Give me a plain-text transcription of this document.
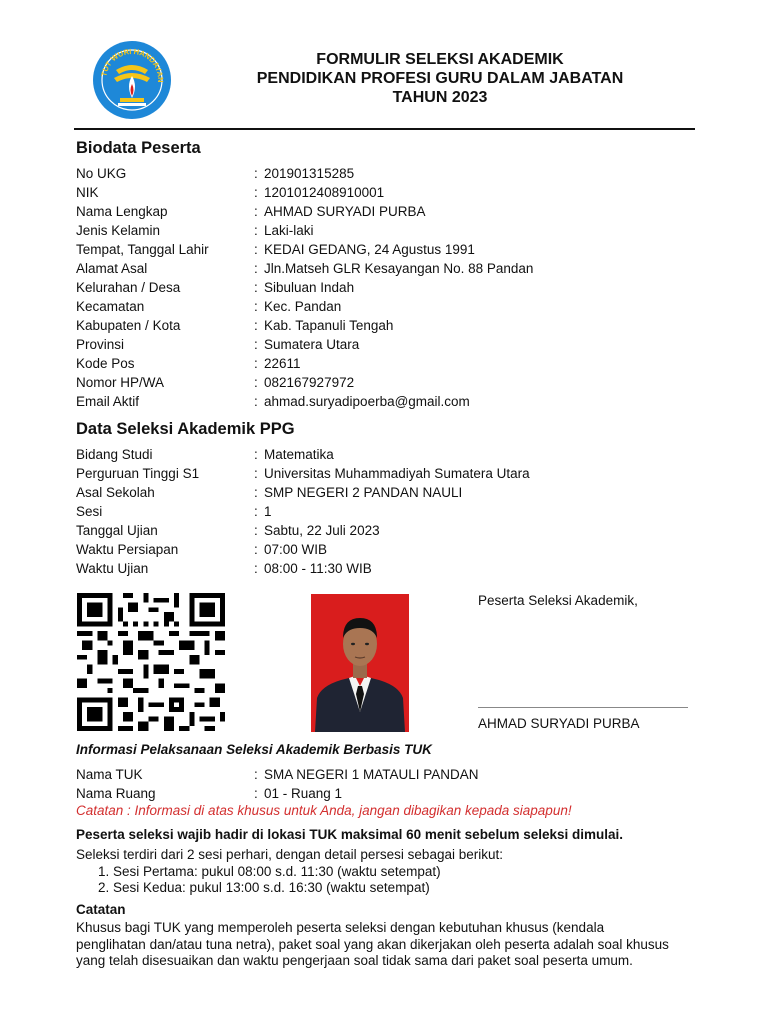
TUT WURI HANDAYAN
FORMULIR SELEKSI AKADEMIK
PENDIDIKAN PROFESI GURU DALAM JABATAN
TAHUN 2023
Biodata Peserta
No UKG	: 201901315285
NIK	: 1201012408910001
Nama Lengkap	: AHMAD SURYADI PURBA
Jenis Kelamin	: Laki-laki
Tempat, Tanggal Lahir	: KEDAI GEDANG, 24 Agustus 1991
Alamat Asal	: Jln.Matseh GLR Kesayangan No. 88 Pandan
Kelurahan / Desa	: Sibuluan Indah
Kecamatan	: Kec. Pandan
Kabupaten / Kota	: Kab. Tapanuli Tengah
Provinsi	: Sumatera Utara
Kode Pos	: 22611
Nomor HP/WA	: 082167927972
Email Aktif	: ahmad.suryadipoerba@gmail.com
Data Seleksi Akademik PPG
Bidang Studi	: Matematika
Perguruan Tinggi S1	: Universitas Muhammadiyah Sumatera Utara
Asal Sekolah	: SMP NEGERI 2 PANDAN NAULI
Sesi	: 1
Tanggal Ujian	: Sabtu, 22 Juli 2023
Waktu Persiapan	: 07:00 WIB
Waktu Ujian	: 08:00 - 11:30 WIB
Peserta Seleksi Akademik,
AHMAD SURYADI PURBA
Informasi Pelaksanaan Seleksi Akademik Berbasis TUK
Nama TUK	: SMA NEGERI 1 MATAULI PANDAN
Nama Ruang	: 01 - Ruang 1
Catatan : Informasi di atas khusus untuk Anda, jangan dibagikan kepada siapapun!
Peserta seleksi wajib hadir di lokasi TUK maksimal 60 menit sebelum seleksi dimulai.
Seleksi terdiri dari 2 sesi perhari, dengan detail persesi sebagai berikut:
1. Sesi Pertama: pukul 08:00 s.d. 11:30 (waktu setempat)
2. Sesi Kedua: pukul 13:00 s.d. 16:30 (waktu setempat)
Catatan
Khusus bagi TUK yang memperoleh peserta seleksi dengan kebutuhan khusus (kendala penglihatan dan/atau tuna netra), paket soal yang akan dikerjakan oleh peserta adalah soal khusus yang telah disesuaikan dan waktu pengerjaan soal tidak sama dari paket soal peserta umum.
